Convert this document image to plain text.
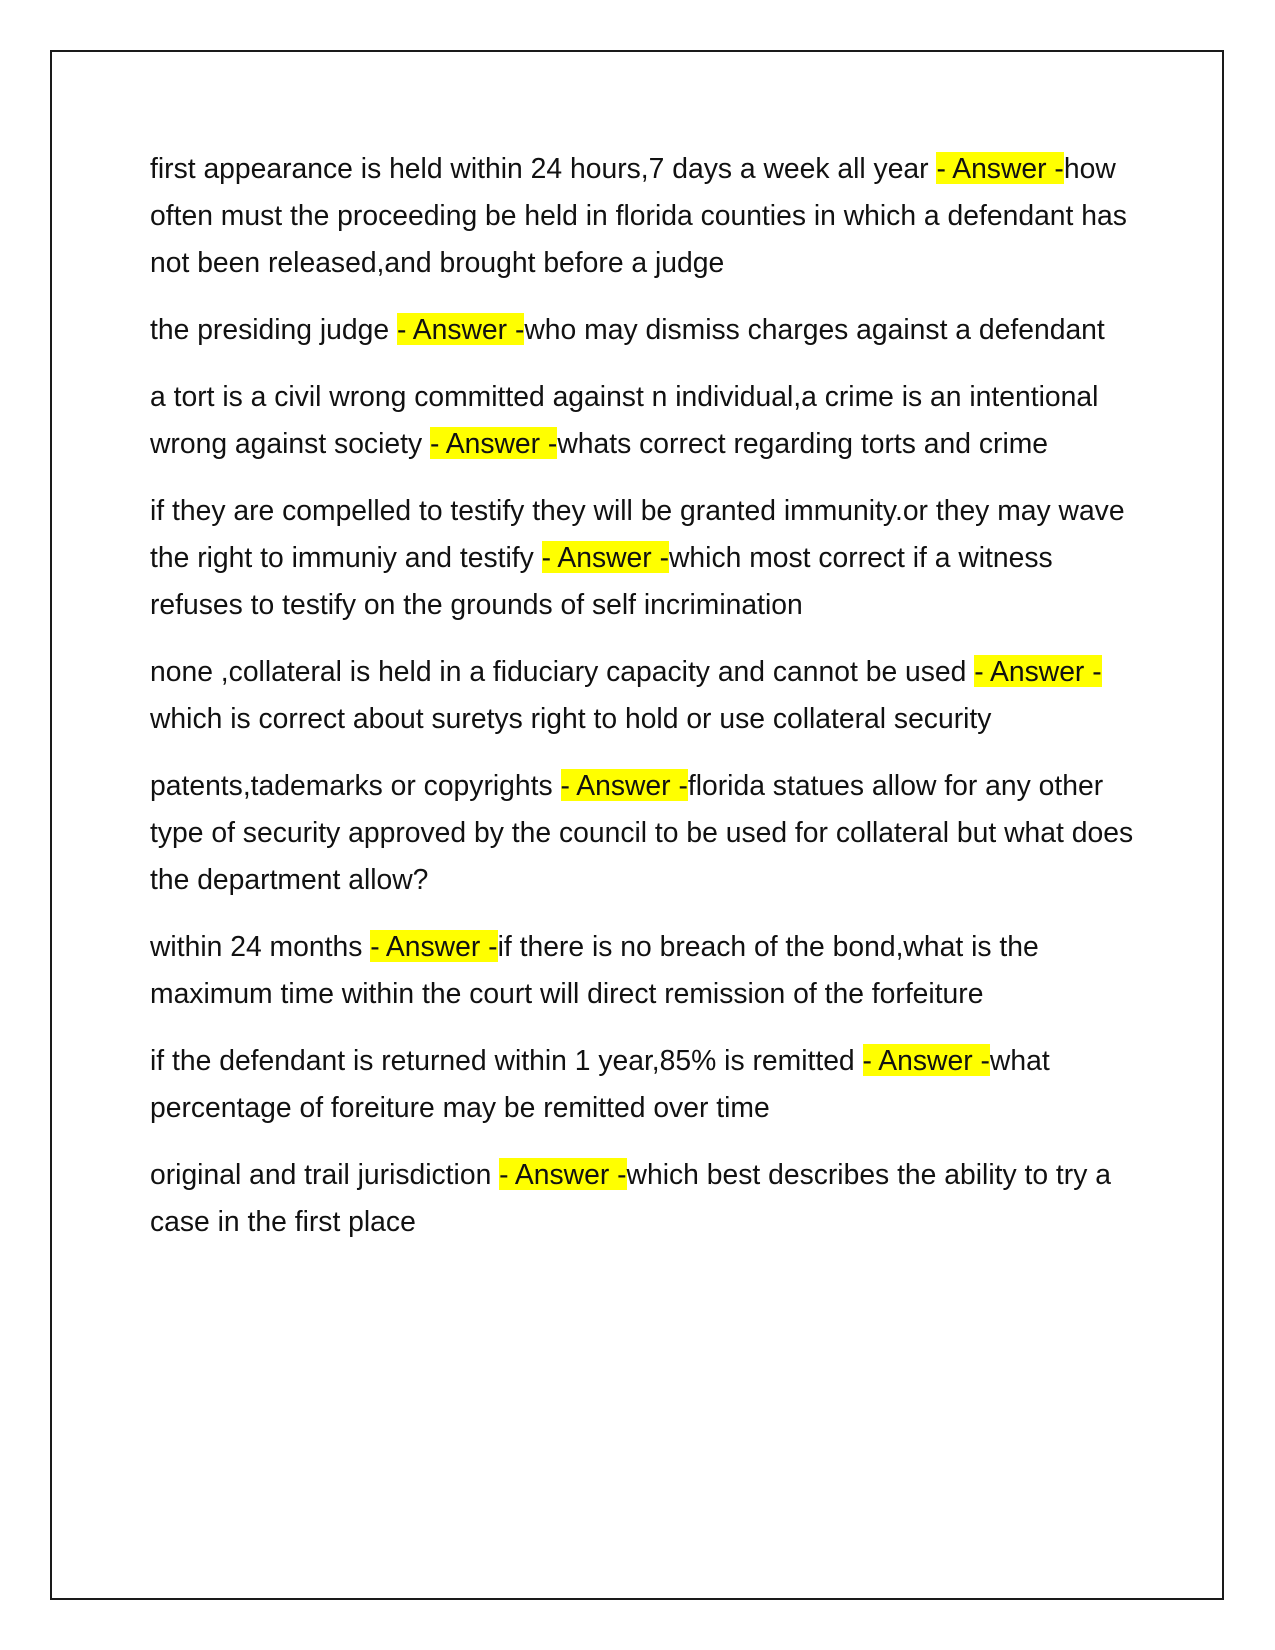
first appearance is held within 24 hours,7 days a week all year - Answer -how often must the proceeding be held in florida counties in which a defendant has not been released,and brought before a judge

the presiding judge - Answer -who may dismiss charges against a defendant

a tort is a civil wrong committed against n individual,a crime is an intentional wrong against society - Answer -whats correct regarding torts and crime

if they are compelled to testify they will be granted immunity.or they may wave the right to immuniy and testify - Answer -which most correct if a witness refuses to testify on the grounds of self incrimination

none ,collateral is held in a fiduciary capacity and cannot be used - Answer -which is correct about suretys right to hold or use collateral security

patents,tademarks or copyrights - Answer -florida statues allow for any other type of security approved by the council to be used for collateral but what does the department allow?

within 24 months - Answer -if there is no breach of the bond,what is the maximum time within the court will direct remission of the forfeiture

if the defendant is returned within 1 year,85% is remitted - Answer -what percentage of foreiture may be remitted over time

original and trail jurisdiction - Answer -which best describes the ability to try a case in the first place
